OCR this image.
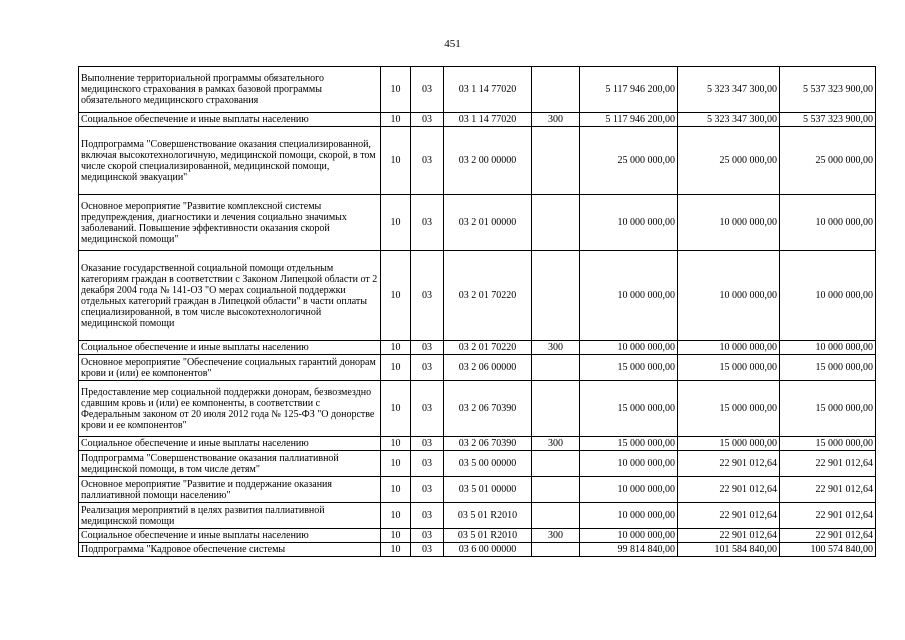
451
Выполнение территориальной программы обязательного медицинского страхования в рамках базовой программы обязательного медицинского страхования	10	03	03 1 14 77020		5 117 946 200,00	5 323 347 300,00	5 537 323 900,00
Социальное обеспечение и иные выплаты населению	10	03	03 1 14 77020	300	5 117 946 200,00	5 323 347 300,00	5 537 323 900,00
Подпрограмма "Совершенствование оказания специализированной, включая высокотехнологичную, медицинской помощи, скорой, в том числе скорой специализированной, медицинской помощи, медицинской эвакуации"	10	03	03 2 00 00000		25 000 000,00	25 000 000,00	25 000 000,00
Основное мероприятие "Развитие комплексной системы предупреждения, диагностики и лечения социально значимых заболеваний. Повышение эффективности оказания скорой медицинской помощи"	10	03	03 2 01 00000		10 000 000,00	10 000 000,00	10 000 000,00
Оказание государственной социальной помощи отдельным категориям граждан в соответствии с Законом Липецкой области от 2 декабря 2004 года № 141-ОЗ "О мерах социальной поддержки отдельных категорий граждан в Липецкой области" в части оплаты специализированной, в том числе высокотехнологичной медицинской помощи	10	03	03 2 01 70220		10 000 000,00	10 000 000,00	10 000 000,00
Социальное обеспечение и иные выплаты населению	10	03	03 2 01 70220	300	10 000 000,00	10 000 000,00	10 000 000,00
Основное мероприятие "Обеспечение социальных гарантий донорам крови и (или) ее компонентов"	10	03	03 2 06 00000		15 000 000,00	15 000 000,00	15 000 000,00
Предоставление мер социальной поддержки донорам, безвозмездно сдавшим кровь и (или) ее компоненты, в соответствии с Федеральным законом от 20 июля 2012 года № 125-ФЗ "О донорстве крови и ее компонентов"	10	03	03 2 06 70390		15 000 000,00	15 000 000,00	15 000 000,00
Социальное обеспечение и иные выплаты населению	10	03	03 2 06 70390	300	15 000 000,00	15 000 000,00	15 000 000,00
Подпрограмма "Совершенствование оказания паллиативной медицинской помощи, в том числе детям"	10	03	03 5 00 00000		10 000 000,00	22 901 012,64	22 901 012,64
Основное мероприятие "Развитие и поддержание оказания паллиативной помощи населению"	10	03	03 5 01 00000		10 000 000,00	22 901 012,64	22 901 012,64
Реализация мероприятий в целях развития паллиативной медицинской помощи	10	03	03 5 01 R2010		10 000 000,00	22 901 012,64	22 901 012,64
Социальное обеспечение и иные выплаты населению	10	03	03 5 01 R2010	300	10 000 000,00	22 901 012,64	22 901 012,64
Подпрограмма "Кадровое обеспечение системы	10	03	03 6 00 00000		99 814 840,00	101 584 840,00	100 574 840,00
